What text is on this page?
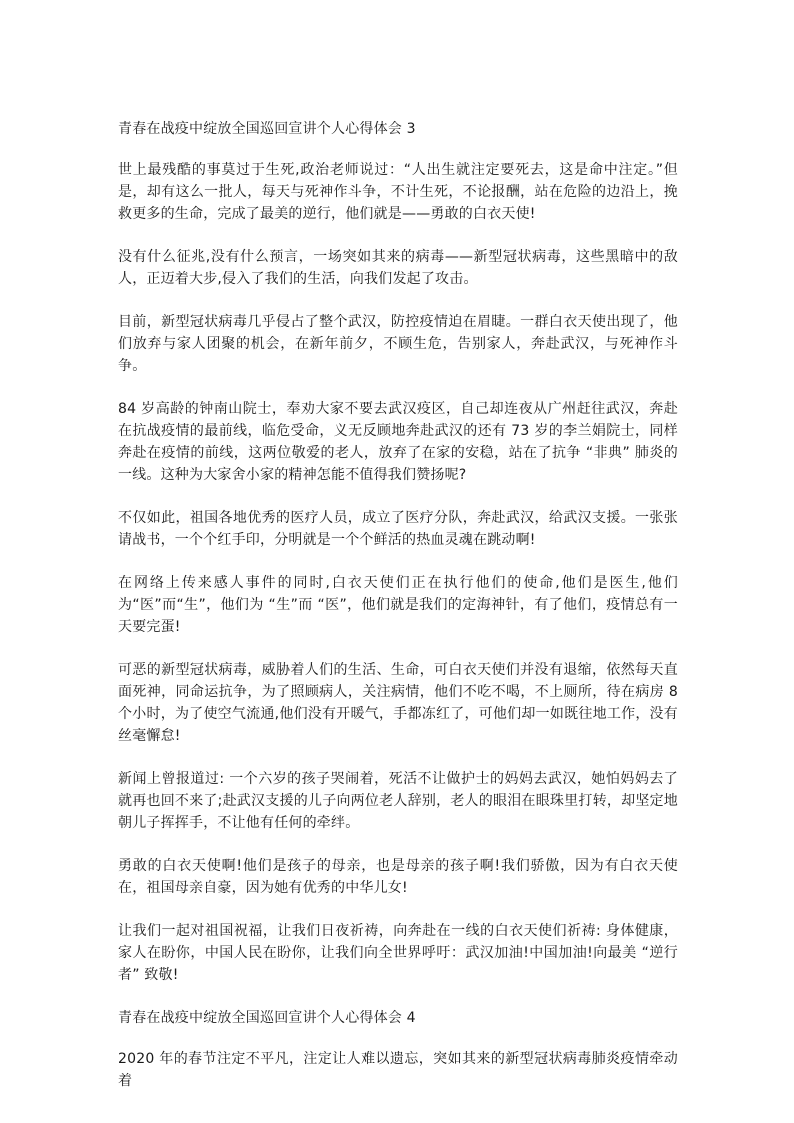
青春在战疫中绽放全国巡回宣讲个人心得体会 3

世上最残酷的事莫过于生死,政治老师说过：“人出生就注定要死去，这是命中注定。”但是，却有这么一批人，每天与死神作斗争，不计生死，不论报酬，站在危险的边沿上，挽救更多的生命，完成了最美的逆行，他们就是——勇敢的白衣天使!

没有什么征兆,没有什么预言，一场突如其来的病毒——新型冠状病毒，这些黑暗中的敌人，正迈着大步,侵入了我们的生活，向我们发起了攻击。

目前，新型冠状病毒几乎侵占了整个武汉，防控疫情迫在眉睫。一群白衣天使出现了，他们放弃与家人团聚的机会，在新年前夕，不顾生危，告别家人，奔赴武汉，与死神作斗争。

84 岁高龄的钟南山院士，奉劝大家不要去武汉疫区，自己却连夜从广州赶往武汉，奔赴在抗战疫情的最前线，临危受命，义无反顾地奔赴武汉的还有 73 岁的李兰娟院士，同样奔赴在疫情的前线，这两位敬爱的老人，放弃了在家的安稳，站在了抗争 “非典” 肺炎的一线。这种为大家舍小家的精神怎能不值得我们赞扬呢?

不仅如此，祖国各地优秀的医疗人员，成立了医疗分队，奔赴武汉，给武汉支援。一张张请战书，一个个红手印，分明就是一个个鲜活的热血灵魂在跳动啊!

在网络上传来感人事件的同时,白衣天使们正在执行他们的使命,他们是医生,他们为“医”而“生”，他们为 “生”而 “医”，他们就是我们的定海神针，有了他们，疫情总有一天要完蛋!

可恶的新型冠状病毒，威胁着人们的生活、生命，可白衣天使们并没有退缩，依然每天直面死神，同命运抗争，为了照顾病人，关注病情，他们不吃不喝，不上厕所，待在病房 8 个小时，为了使空气流通,他们没有开暖气，手都冻红了，可他们却一如既往地工作，没有丝毫懈怠!

新闻上曾报道过: 一个六岁的孩子哭闹着，死活不让做护士的妈妈去武汉，她怕妈妈去了就再也回不来了;赴武汉支援的儿子向两位老人辞别，老人的眼泪在眼珠里打转，却坚定地朝儿子挥挥手，不让他有任何的牵绊。

勇敢的白衣天使啊!他们是孩子的母亲，也是母亲的孩子啊!我们骄傲，因为有白衣天使在，祖国母亲自豪，因为她有优秀的中华儿女!

让我们一起对祖国祝福，让我们日夜祈祷，向奔赴在一线的白衣天使们祈祷: 身体健康，家人在盼你，中国人民在盼你，让我们向全世界呼吁：武汉加油!中国加油!向最美 “逆行者” 致敬!

青春在战疫中绽放全国巡回宣讲个人心得体会 4

2020 年的春节注定不平凡，注定让人难以遗忘，突如其来的新型冠状病毒肺炎疫情牵动着
